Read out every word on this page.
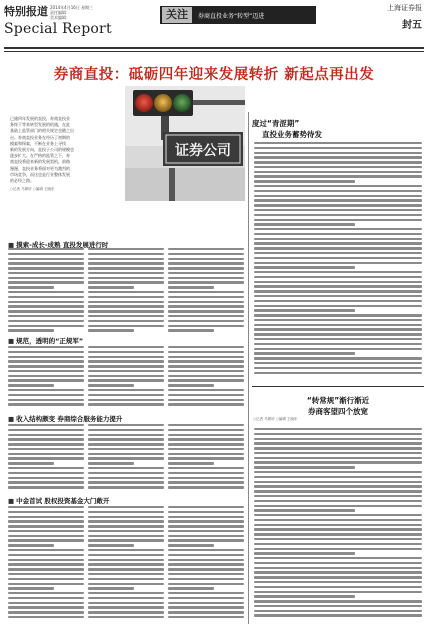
特别报道
Special Report
2014年4月16日 星期三
责任编辑：
美术编辑：	关注	券商直投业务“转型”迈进
上海证券报
封五
券商直投：砥砺四年迎来发展转折 新起点再出发
证券公司
已逾四年发展的直投，券商直投业
务终于等来转型发展的机遇，在此
基础上监管部门的相关规定也随之出
台。券商直投业务在经历了初期的
摸索和探索，不断在业务上寻找
新的发展方向，直投子公司的规模也
逐步扩大。在严格的监管之下，券
商直投将迎来新的发展契机，前路
漫漫，直投业务将面对更为激烈的
市场竞争，而这也是行业整体发展
的必经之路。
○记者 马婧妤 ○编辑 王晓东
度过“青涩期”
直投业务蓄势待发
■ 摸索-成长-成熟 直投发展进行时
■ 规范，透明的“正规军”
■ 收入结构颇变 券商综合服务能力提升
■ 中金首试 股权投资基金大门敞开
“转常规”渐行渐近
券商客望四个放宽
○记者 马婧妤 ○编辑 王晓东
